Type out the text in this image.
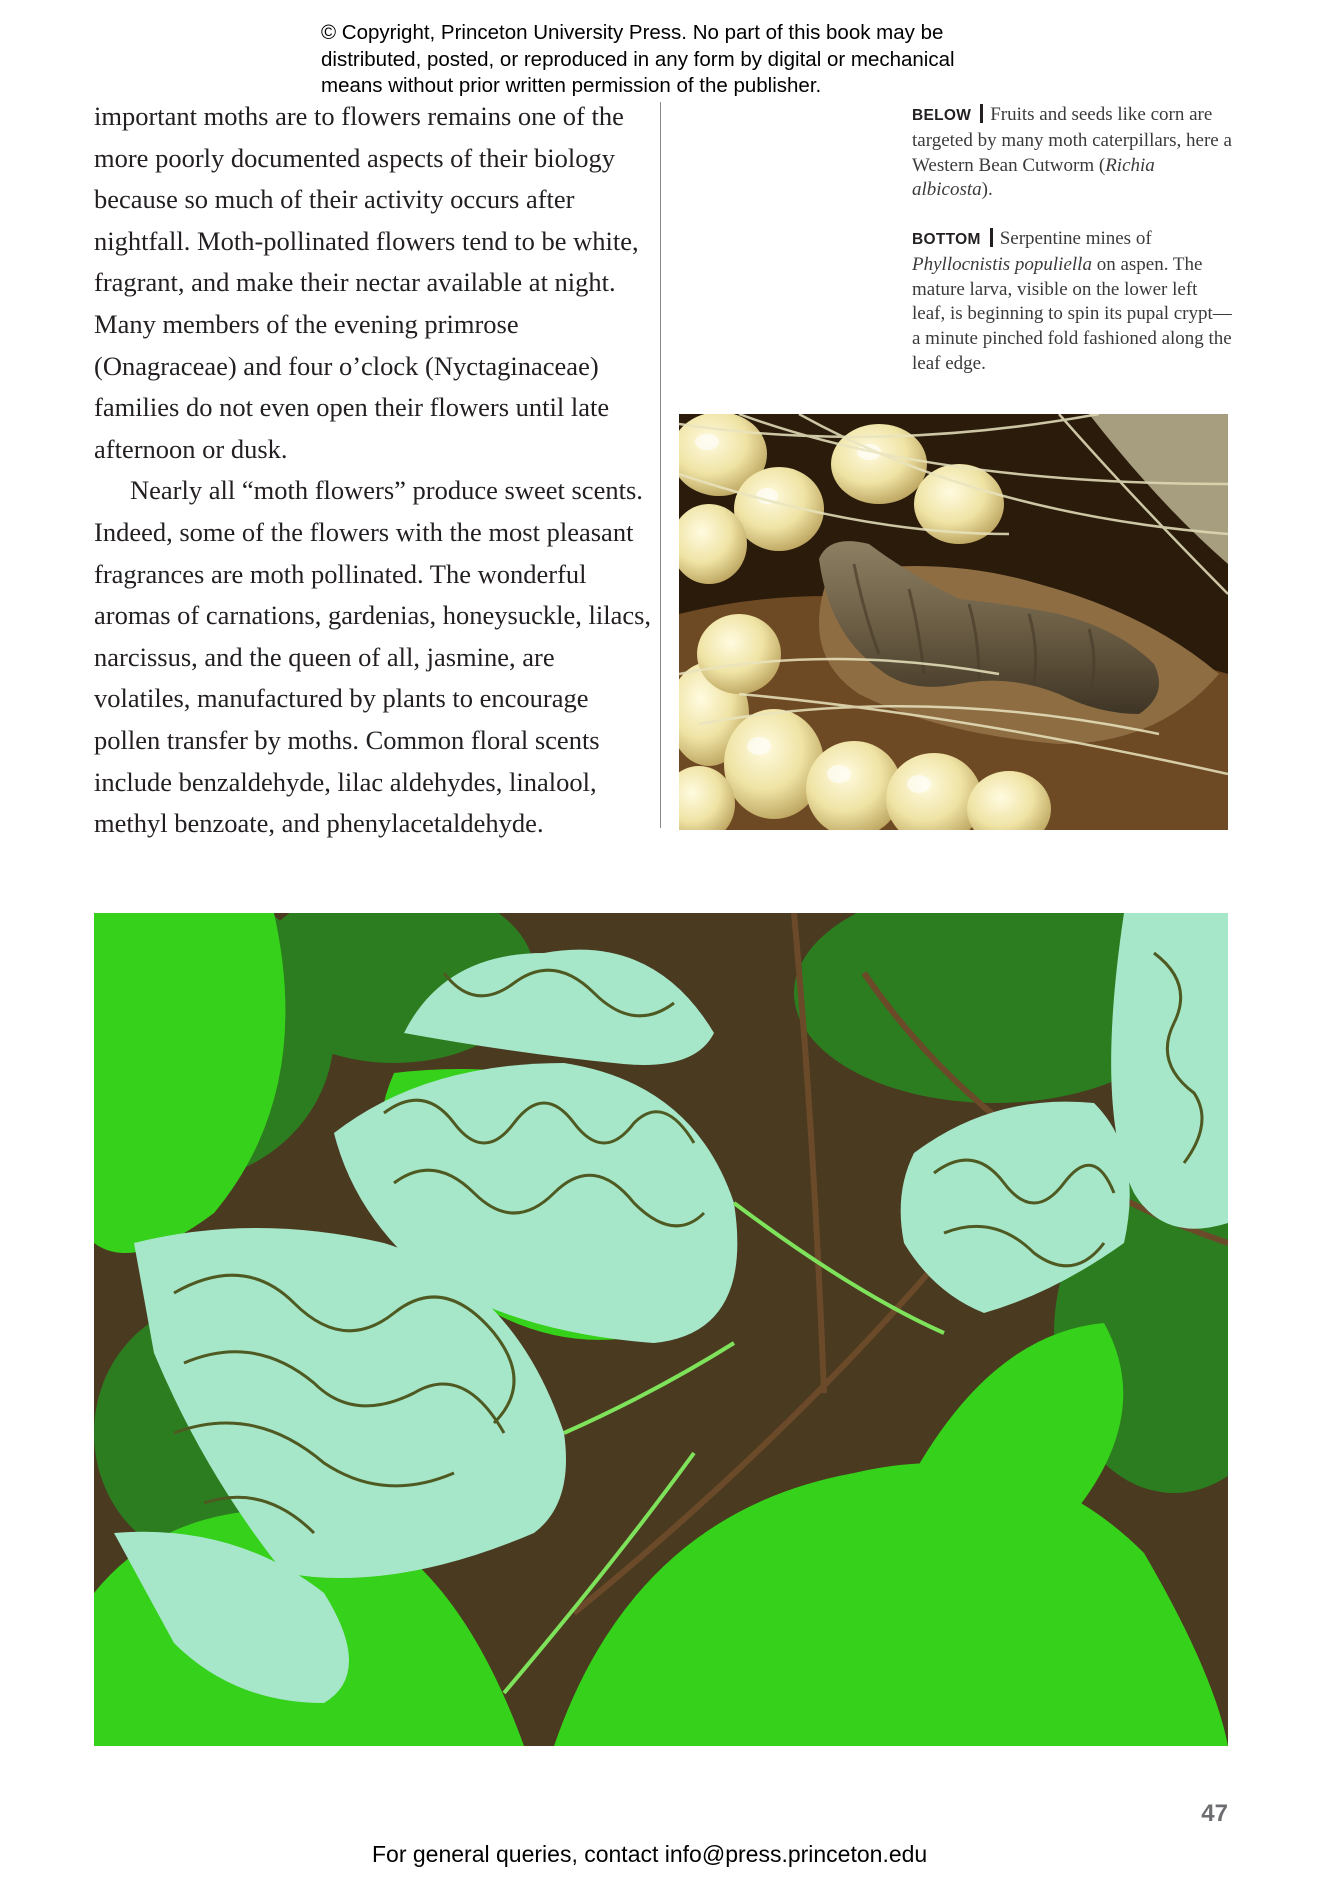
© Copyright, Princeton University Press. No part of this book may be
distributed, posted, or reproduced in any form by digital or mechanical
means without prior written permission of the publisher.

important moths are to flowers remains one of the more poorly documented aspects of their biology because so much of their activity occurs after nightfall. Moth-pollinated flowers tend to be white, fragrant, and make their nectar available at night. Many members of the evening primrose (Onagraceae) and four o’clock (Nyctaginaceae) families do not even open their flowers until late afternoon or dusk.

Nearly all “moth flowers” produce sweet scents. Indeed, some of the flowers with the most pleasant fragrances are moth pollinated. The wonderful aromas of carnations, gardenias, honeysuckle, lilacs, narcissus, and the queen of all, jasmine, are volatiles, manufactured by plants to encourage pollen transfer by moths. Common floral scents include benzaldehyde, lilac aldehydes, linalool, methyl benzoate, and phenylacetaldehyde.

BELOW Fruits and seeds like corn are targeted by many moth caterpillars, here a Western Bean Cutworm (Richia albicosta).
BOTTOM Serpentine mines of Phyllocnistis populiella on aspen. The mature larva, visible on the lower left leaf, is beginning to spin its pupal crypt—a minute pinched fold fashioned along the leaf edge.
47
For general queries, contact info@press.princeton.edu
